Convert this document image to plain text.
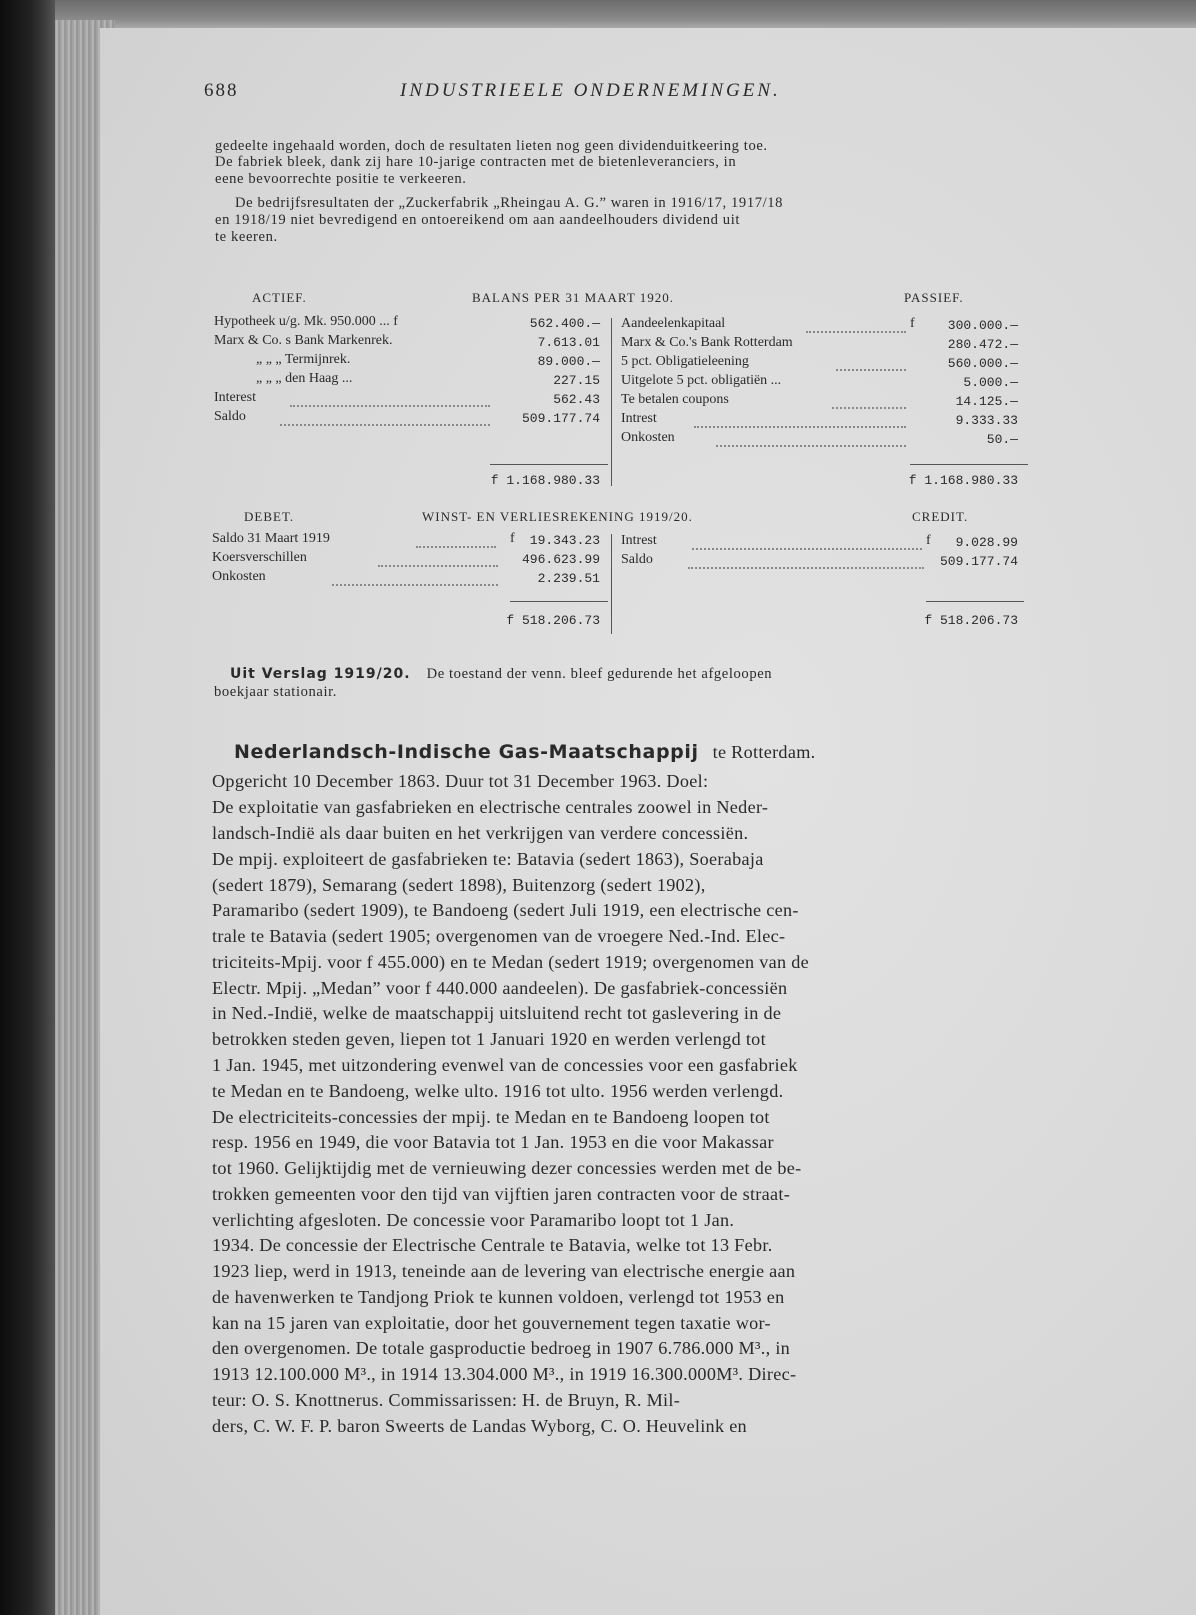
688	INDUSTRIEELE ONDERNEMINGEN.
gedeelte ingehaald worden, doch de resultaten lieten nog geen dividenduitkeering toe.
De fabriek bleek, dank zij hare 10-jarige contracten met de bietenleveranciers, in
eene bevoorrechte positie te verkeeren.
De bedrijfsresultaten der „Zuckerfabrik „Rheingau A. G.” waren in 1916/17, 1917/18
en 1918/19 niet bevredigend en ontoereikend om aan aandeelhouders dividend uit
te keeren.
ACTIEF.	BALANS PER 31 MAART 1920.	PASSIEF.
Hypotheek u/g. Mk. 950.000 ... f	562.400.—
Marx & Co. s Bank Markenrek.	7.613.01
„ „ „ Termijnrek.	89.000.—
„ „ „ den Haag ...	227.15
Interest	562.43
Saldo	509.177.74
f 1.168.980.33
Aandeelenkapitaal	f	300.000.—
Marx & Co.'s Bank Rotterdam	280.472.—
5 pct. Obligatieleening	560.000.—
Uitgelote 5 pct. obligatiën ...	5.000.—
Te betalen coupons	14.125.—
Intrest	9.333.33
Onkosten	50.—
f 1.168.980.33
DEBET.	WINST- EN VERLIESREKENING 1919/20.	CREDIT.
Saldo 31 Maart 1919	f	19.343.23
Koersverschillen	496.623.99
Onkosten	2.239.51
f 518.206.73
Intrest	f	9.028.99
Saldo	509.177.74
f 518.206.73
Uit Verslag 1919/20. De toestand der venn. bleef gedurende het afgeloopen
boekjaar stationair.
Nederlandsch-Indische Gas-Maatschappij te Rotterdam.
Opgericht 10 December 1863. Duur tot 31 December 1963. Doel:
De exploitatie van gasfabrieken en electrische centrales zoowel in Neder-
landsch-Indië als daar buiten en het verkrijgen van verdere concessiën.
De mpij. exploiteert de gasfabrieken te: Batavia (sedert 1863), Soerabaja
(sedert 1879), Semarang (sedert 1898), Buitenzorg (sedert 1902),
Paramaribo (sedert 1909), te Bandoeng (sedert Juli 1919, een electrische cen-
trale te Batavia (sedert 1905; overgenomen van de vroegere Ned.-Ind. Elec-
triciteits-Mpij. voor f 455.000) en te Medan (sedert 1919; overgenomen van de
Electr. Mpij. „Medan” voor f 440.000 aandeelen). De gasfabriek-concessiën
in Ned.-Indië, welke de maatschappij uitsluitend recht tot gaslevering in de
betrokken steden geven, liepen tot 1 Januari 1920 en werden verlengd tot
1 Jan. 1945, met uitzondering evenwel van de concessies voor een gasfabriek
te Medan en te Bandoeng, welke ulto. 1916 tot ulto. 1956 werden verlengd.
De electriciteits-concessies der mpij. te Medan en te Bandoeng loopen tot
resp. 1956 en 1949, die voor Batavia tot 1 Jan. 1953 en die voor Makassar
tot 1960. Gelijktijdig met de vernieuwing dezer concessies werden met de be-
trokken gemeenten voor den tijd van vijftien jaren contracten voor de straat-
verlichting afgesloten. De concessie voor Paramaribo loopt tot 1 Jan.
1934. De concessie der Electrische Centrale te Batavia, welke tot 13 Febr.
1923 liep, werd in 1913, teneinde aan de levering van electrische energie aan
de havenwerken te Tandjong Priok te kunnen voldoen, verlengd tot 1953 en
kan na 15 jaren van exploitatie, door het gouvernement tegen taxatie wor-
den overgenomen. De totale gasproductie bedroeg in 1907 6.786.000 M³., in
1913 12.100.000 M³., in 1914 13.304.000 M³., in 1919 16.300.000M³. Direc-
teur: O. S. Knottnerus. Commissarissen: H. de Bruyn, R. Mil-
ders, C. W. F. P. baron Sweerts de Landas Wyborg, C. O. Heuvelink en
